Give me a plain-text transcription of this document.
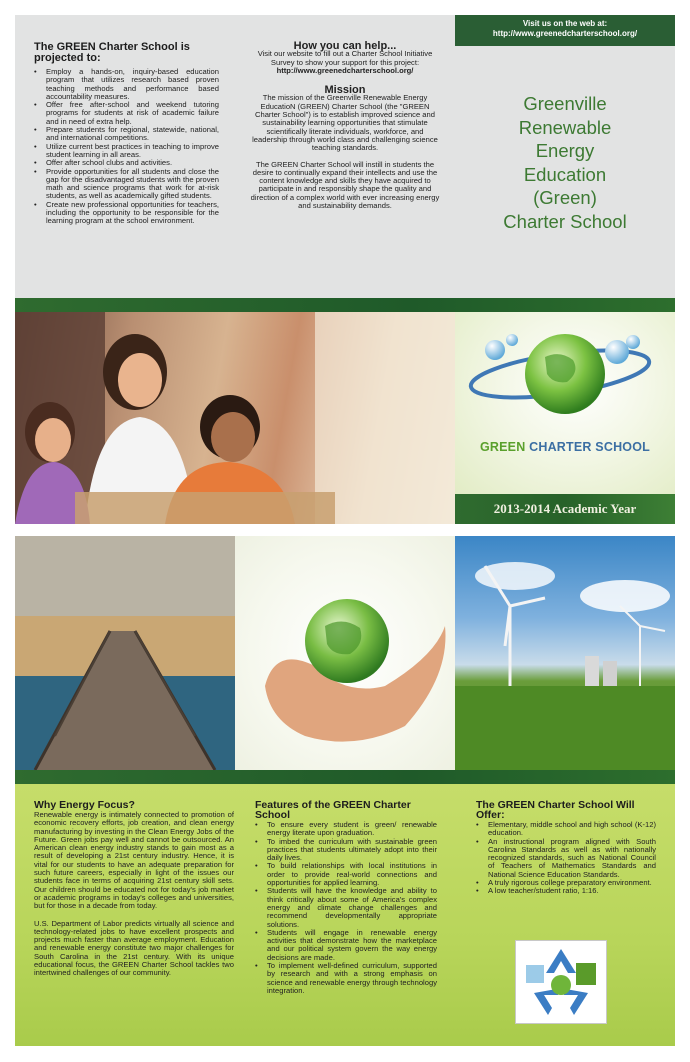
The GREEN Charter School is projected to:
• Employ a hands-on, inquiry-based education program that utilizes research based proven teaching methods and performance based accountability measures.
• Offer free after-school and weekend tutoring programs for students at risk of academic failure and in need of extra help.
• Prepare students for regional, statewide, national, and international competitions.
• Utilize current best practices in teaching to improve student learning in all areas.
• Offer after school clubs and activities.
• Provide opportunities for all students and close the gap for the disadvantaged students with the proven math and science programs that work for at-risk students, as well as academically gifted students.
• Create new professional opportunities for teachers, including the opportunity to be responsible for the learning program at the school environment.
How you can help...
Visit our website to fill out a Charter School Initiative Survey to show your support for this project:
http://www.greenedcharterschool.org/
Mission
The mission of the Greenville Renewable Energy EducatioN (GREEN) Charter School (the "GREEN Charter School") is to establish improved science and sustainability learning opportunities that stimulate scientifically literate individuals, workforce, and leadership through world class and challenging science teaching standards.
The GREEN Charter School will instill in students the desire to continually expand their intellects and use the content knowledge and skills they have acquired to participate in and responsibly shape the quality and direction of a complex world with ever increasing energy and sustainability demands.
Visit us on the web at:
http://www.greenedcharterschool.org/
Greenville
Renewable
Energy
Education
(Green)
Charter School
GREEN CHARTER SCHOOL
2013-2014 Academic Year
Why Energy Focus?

Renewable energy is intimately connected to promotion of economic recovery efforts, job creation, and clean energy manufacturing by investing in the Clean Energy Jobs of the Future. Green jobs pay well and cannot be outsourced. An American clean energy industry stands to gain most as a result of developing a 21st century industry. Hence, it is vital for our students to have an adequate preparation for such future careers, especially in light of the issues our students face in terms of acquiring 21st century skill sets. Our children should be educated not for today's job market or academic programs in today's colleges and universities, but for those in a decade from today.

U.S. Department of Labor predicts virtually all science and technology-related jobs to have excellent prospects and projects much faster than average employment. Education and renewable energy constitute two major challenges for South Carolina in the 21st century. With its unique educational focus, the GREEN Charter School tackles two intertwined challenges of our community.

Features of the GREEN Charter School
• To ensure every student is green/ renewable energy literate upon graduation.
• To imbed the curriculum with sustainable green practices that students ultimately adopt into their daily lives.
• To build relationships with local institutions in order to provide real-world connections and opportunities for applied learning.
• Students will have the knowledge and ability to think critically about some of America's complex energy and climate change challenges and recommend developmentally appropriate solutions.
• Students will engage in renewable energy activities that demonstrate how the marketplace and our political system govern the way energy decisions are made.
• To implement well-defined curriculum, supported by research and with a strong emphasis on science and renewable energy through technology integration.
The GREEN Charter School Will Offer:
• Elementary, middle school and high school (K-12) education.
• An instructional program aligned with South Carolina Standards as well as with nationally recognized standards, such as National Council of Teachers of Mathematics Standards and National Science Education Standards.
• A truly rigorous college preparatory environment.
• A low teacher/student ratio, 1:16.
